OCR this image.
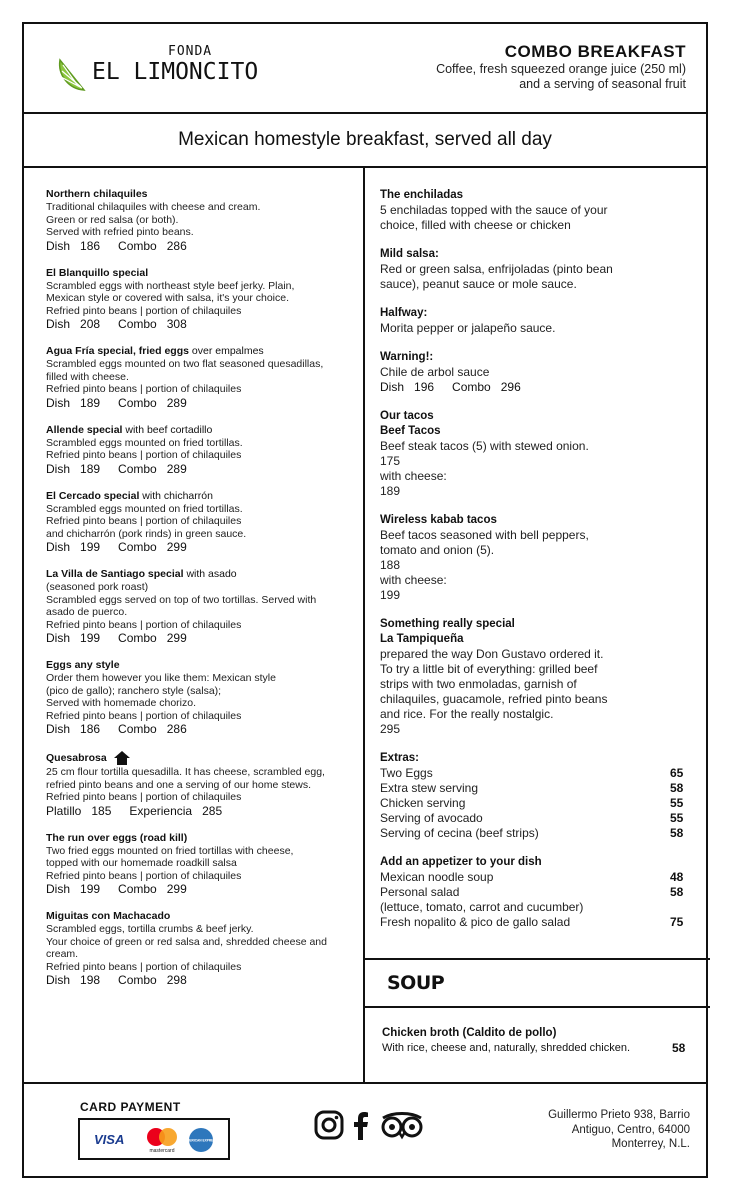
FONDA
EL LIMONCITO
COMBO BREAKFAST
Coffee, fresh squeezed orange juice (250 ml)
and a serving of seasonal fruit
Mexican homestyle breakfast, served all day
Northern chilaquiles
Traditional chilaquiles with cheese and cream.
Green or red salsa (or both).
Served with refried pinto beans.
Dish 186 Combo 286
El Blanquillo special
Scrambled eggs with northeast style beef jerky. Plain,
Mexican style or covered with salsa, it's your choice.
Refried pinto beans | portion of chilaquiles
Dish 208 Combo 308
Agua Fría special, fried eggs over empalmes
Scrambled eggs mounted on two flat seasoned quesadillas,
filled with cheese.
Refried pinto beans | portion of chilaquiles
Dish 189 Combo 289
Allende special with beef cortadillo
Scrambled eggs mounted on fried tortillas.
Refried pinto beans | portion of chilaquiles
Dish 189 Combo 289
El Cercado special with chicharrón
Scrambled eggs mounted on fried tortillas.
Refried pinto beans | portion of chilaquiles
and chicharrón (pork rinds) in green sauce.
Dish 199 Combo 299
La Villa de Santiago special with asado
(seasoned pork roast)
Scrambled eggs served on top of two tortillas. Served with
asado de puerco.
Refried pinto beans | portion of chilaquiles
Dish 199 Combo 299
Eggs any style
Order them however you like them: Mexican style
(pico de gallo); ranchero style (salsa);
Served with homemade chorizo.
Refried pinto beans | portion of chilaquiles
Dish 186 Combo 286
Quesabrosa
25 cm flour tortilla quesadilla. It has cheese, scrambled egg,
refried pinto beans and one a serving of our home stews.
Refried pinto beans | portion of chilaquiles
Platillo 185 Experiencia 285
The run over eggs (road kill)
Two fried eggs mounted on fried tortillas with cheese,
topped with our homemade roadkill salsa
Refried pinto beans | portion of chilaquiles
Dish 199 Combo 299
Miguitas con Machacado
Scrambled eggs, tortilla crumbs & beef jerky.
Your choice of green or red salsa and, shredded cheese and
cream.
Refried pinto beans | portion of chilaquiles
Dish 198 Combo 298
The enchiladas
5 enchiladas topped with the sauce of your
choice, filled with cheese or chicken
Mild salsa:
Red or green salsa, enfrijoladas (pinto bean
sauce), peanut sauce or mole sauce.
Halfway:
Morita pepper or jalapeño sauce.
Warning!:
Chile de arbol sauce
Dish 196 Combo 296
Our tacos
Beef Tacos
Beef steak tacos (5) with stewed onion.
175
with cheese:
189
Wireless kabab tacos
Beef tacos seasoned with bell peppers,
tomato and onion (5).
188
with cheese:
199
Something really special
La Tampiqueña
prepared the way Don Gustavo ordered it.
To try a little bit of everything: grilled beef
strips with two enmoladas, garnish of
chilaquiles, guacamole, refried pinto beans
and rice. For the really nostalgic.
295
Extras:
Two Eggs	65
Extra stew serving	58
Chicken serving	55
Serving of avocado	55
Serving of cecina (beef strips)	58
Add an appetizer to your dish
Mexican noodle soup	48
Personal salad	58
(lettuce, tomato, carrot and cucumber)
Fresh nopalito & pico de gallo salad	75
SOUP
Chicken broth (Caldito de pollo)
With rice, cheese and, naturally, shredded chicken.	58
CARD PAYMENT
VISA
mastercard
AMERICAN EXPRESS

Guillermo Prieto 938, Barrio
Antiguo, Centro, 64000
Monterrey, N.L.
